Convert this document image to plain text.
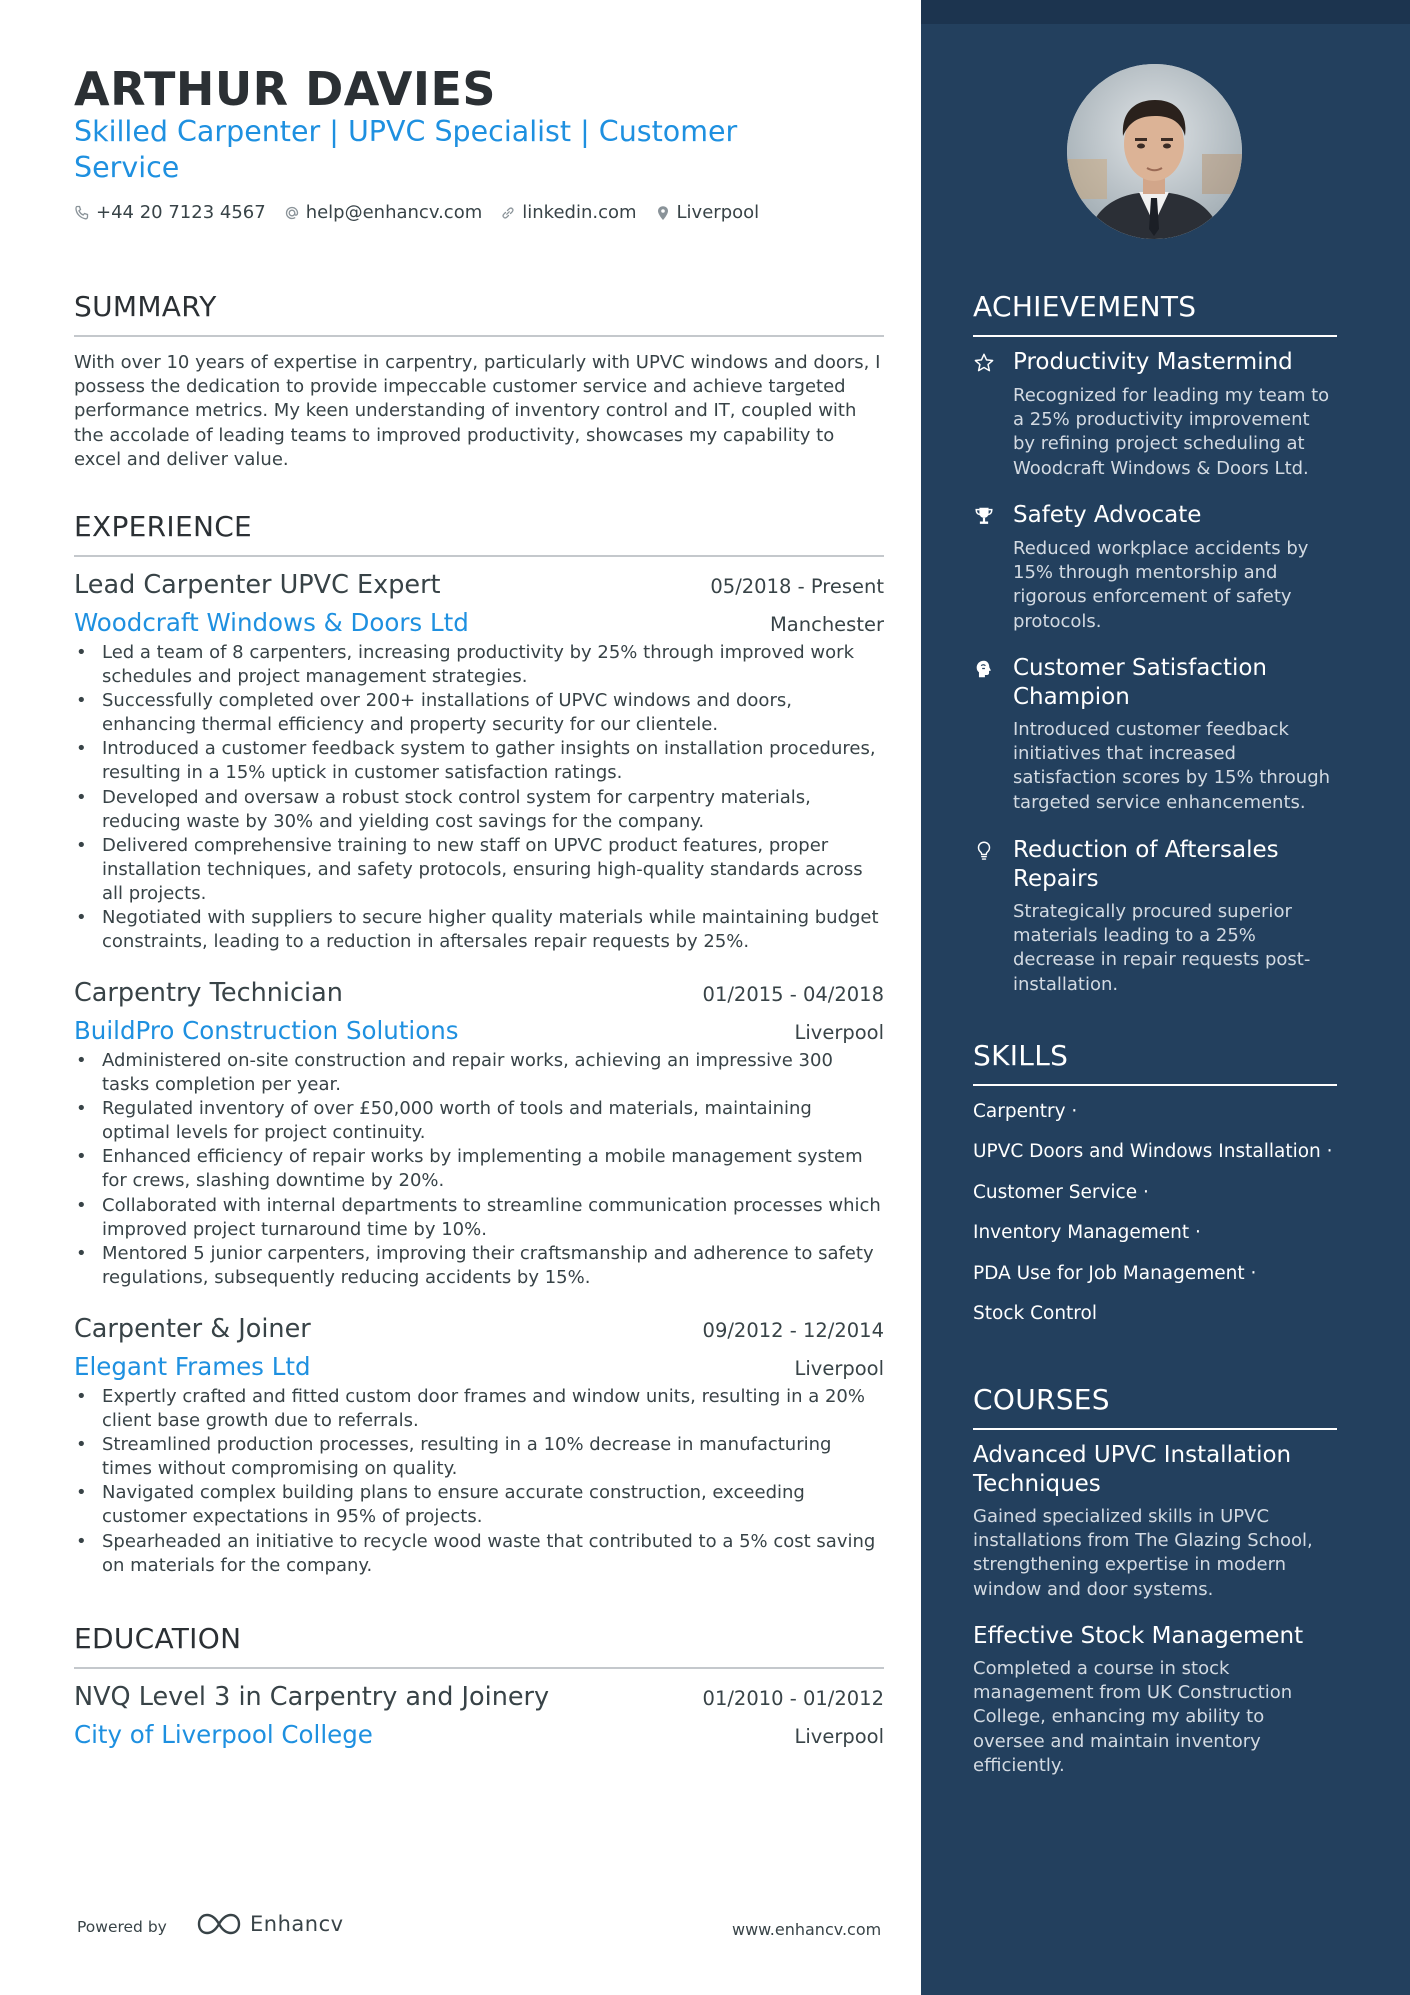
ARTHUR DAVIES
Skilled Carpenter | UPVC Specialist | Customer Service
+44 20 7123 4567 help@enhancv.com linkedin.com Liverpool
SUMMARY
With over 10 years of expertise in carpentry, particularly with UPVC windows and doors, I possess the dedication to provide impeccable customer service and achieve targeted performance metrics. My keen understanding of inventory control and IT, coupled with the accolade of leading teams to improved productivity, showcases my capability to excel and deliver value.
EXPERIENCE
Lead Carpenter UPVC Expert	05/2018 - Present
Woodcraft Windows & Doors Ltd	Manchester
• Led a team of 8 carpenters, increasing productivity by 25% through improved work schedules and project management strategies.
• Successfully completed over 200+ installations of UPVC windows and doors, enhancing thermal efficiency and property security for our clientele.
• Introduced a customer feedback system to gather insights on installation procedures, resulting in a 15% uptick in customer satisfaction ratings.
• Developed and oversaw a robust stock control system for carpentry materials, reducing waste by 30% and yielding cost savings for the company.
• Delivered comprehensive training to new staff on UPVC product features, proper installation techniques, and safety protocols, ensuring high-quality standards across all projects.
• Negotiated with suppliers to secure higher quality materials while maintaining budget constraints, leading to a reduction in aftersales repair requests by 25%.
Carpentry Technician	01/2015 - 04/2018
BuildPro Construction Solutions	Liverpool
• Administered on-site construction and repair works, achieving an impressive 300 tasks completion per year.
• Regulated inventory of over £50,000 worth of tools and materials, maintaining optimal levels for project continuity.
• Enhanced efficiency of repair works by implementing a mobile management system for crews, slashing downtime by 20%.
• Collaborated with internal departments to streamline communication processes which improved project turnaround time by 10%.
• Mentored 5 junior carpenters, improving their craftsmanship and adherence to safety regulations, subsequently reducing accidents by 15%.
Carpenter & Joiner	09/2012 - 12/2014
Elegant Frames Ltd	Liverpool
• Expertly crafted and fitted custom door frames and window units, resulting in a 20% client base growth due to referrals.
• Streamlined production processes, resulting in a 10% decrease in manufacturing times without compromising on quality.
• Navigated complex building plans to ensure accurate construction, exceeding customer expectations in 95% of projects.
• Spearheaded an initiative to recycle wood waste that contributed to a 5% cost saving on materials for the company.
EDUCATION
NVQ Level 3 in Carpentry and Joinery	01/2010 - 01/2012
City of Liverpool College	Liverpool
ACHIEVEMENTS
Productivity Mastermind
Recognized for leading my team to a 25% productivity improvement by refining project scheduling at Woodcraft Windows & Doors Ltd.
Safety Advocate
Reduced workplace accidents by 15% through mentorship and rigorous enforcement of safety protocols.
Customer Satisfaction Champion
Introduced customer feedback initiatives that increased satisfaction scores by 15% through targeted service enhancements.
Reduction of Aftersales Repairs
Strategically procured superior materials leading to a 25% decrease in repair requests post-installation.
SKILLS
Carpentry ·
UPVC Doors and Windows Installation ·
Customer Service ·
Inventory Management ·
PDA Use for Job Management ·
Stock Control
COURSES
Advanced UPVC Installation Techniques
Gained specialized skills in UPVC installations from The Glazing School, strengthening expertise in modern window and door systems.
Effective Stock Management
Completed a course in stock management from UK Construction College, enhancing my ability to oversee and maintain inventory efficiently.
Powered by	Enhancv	www.enhancv.com
